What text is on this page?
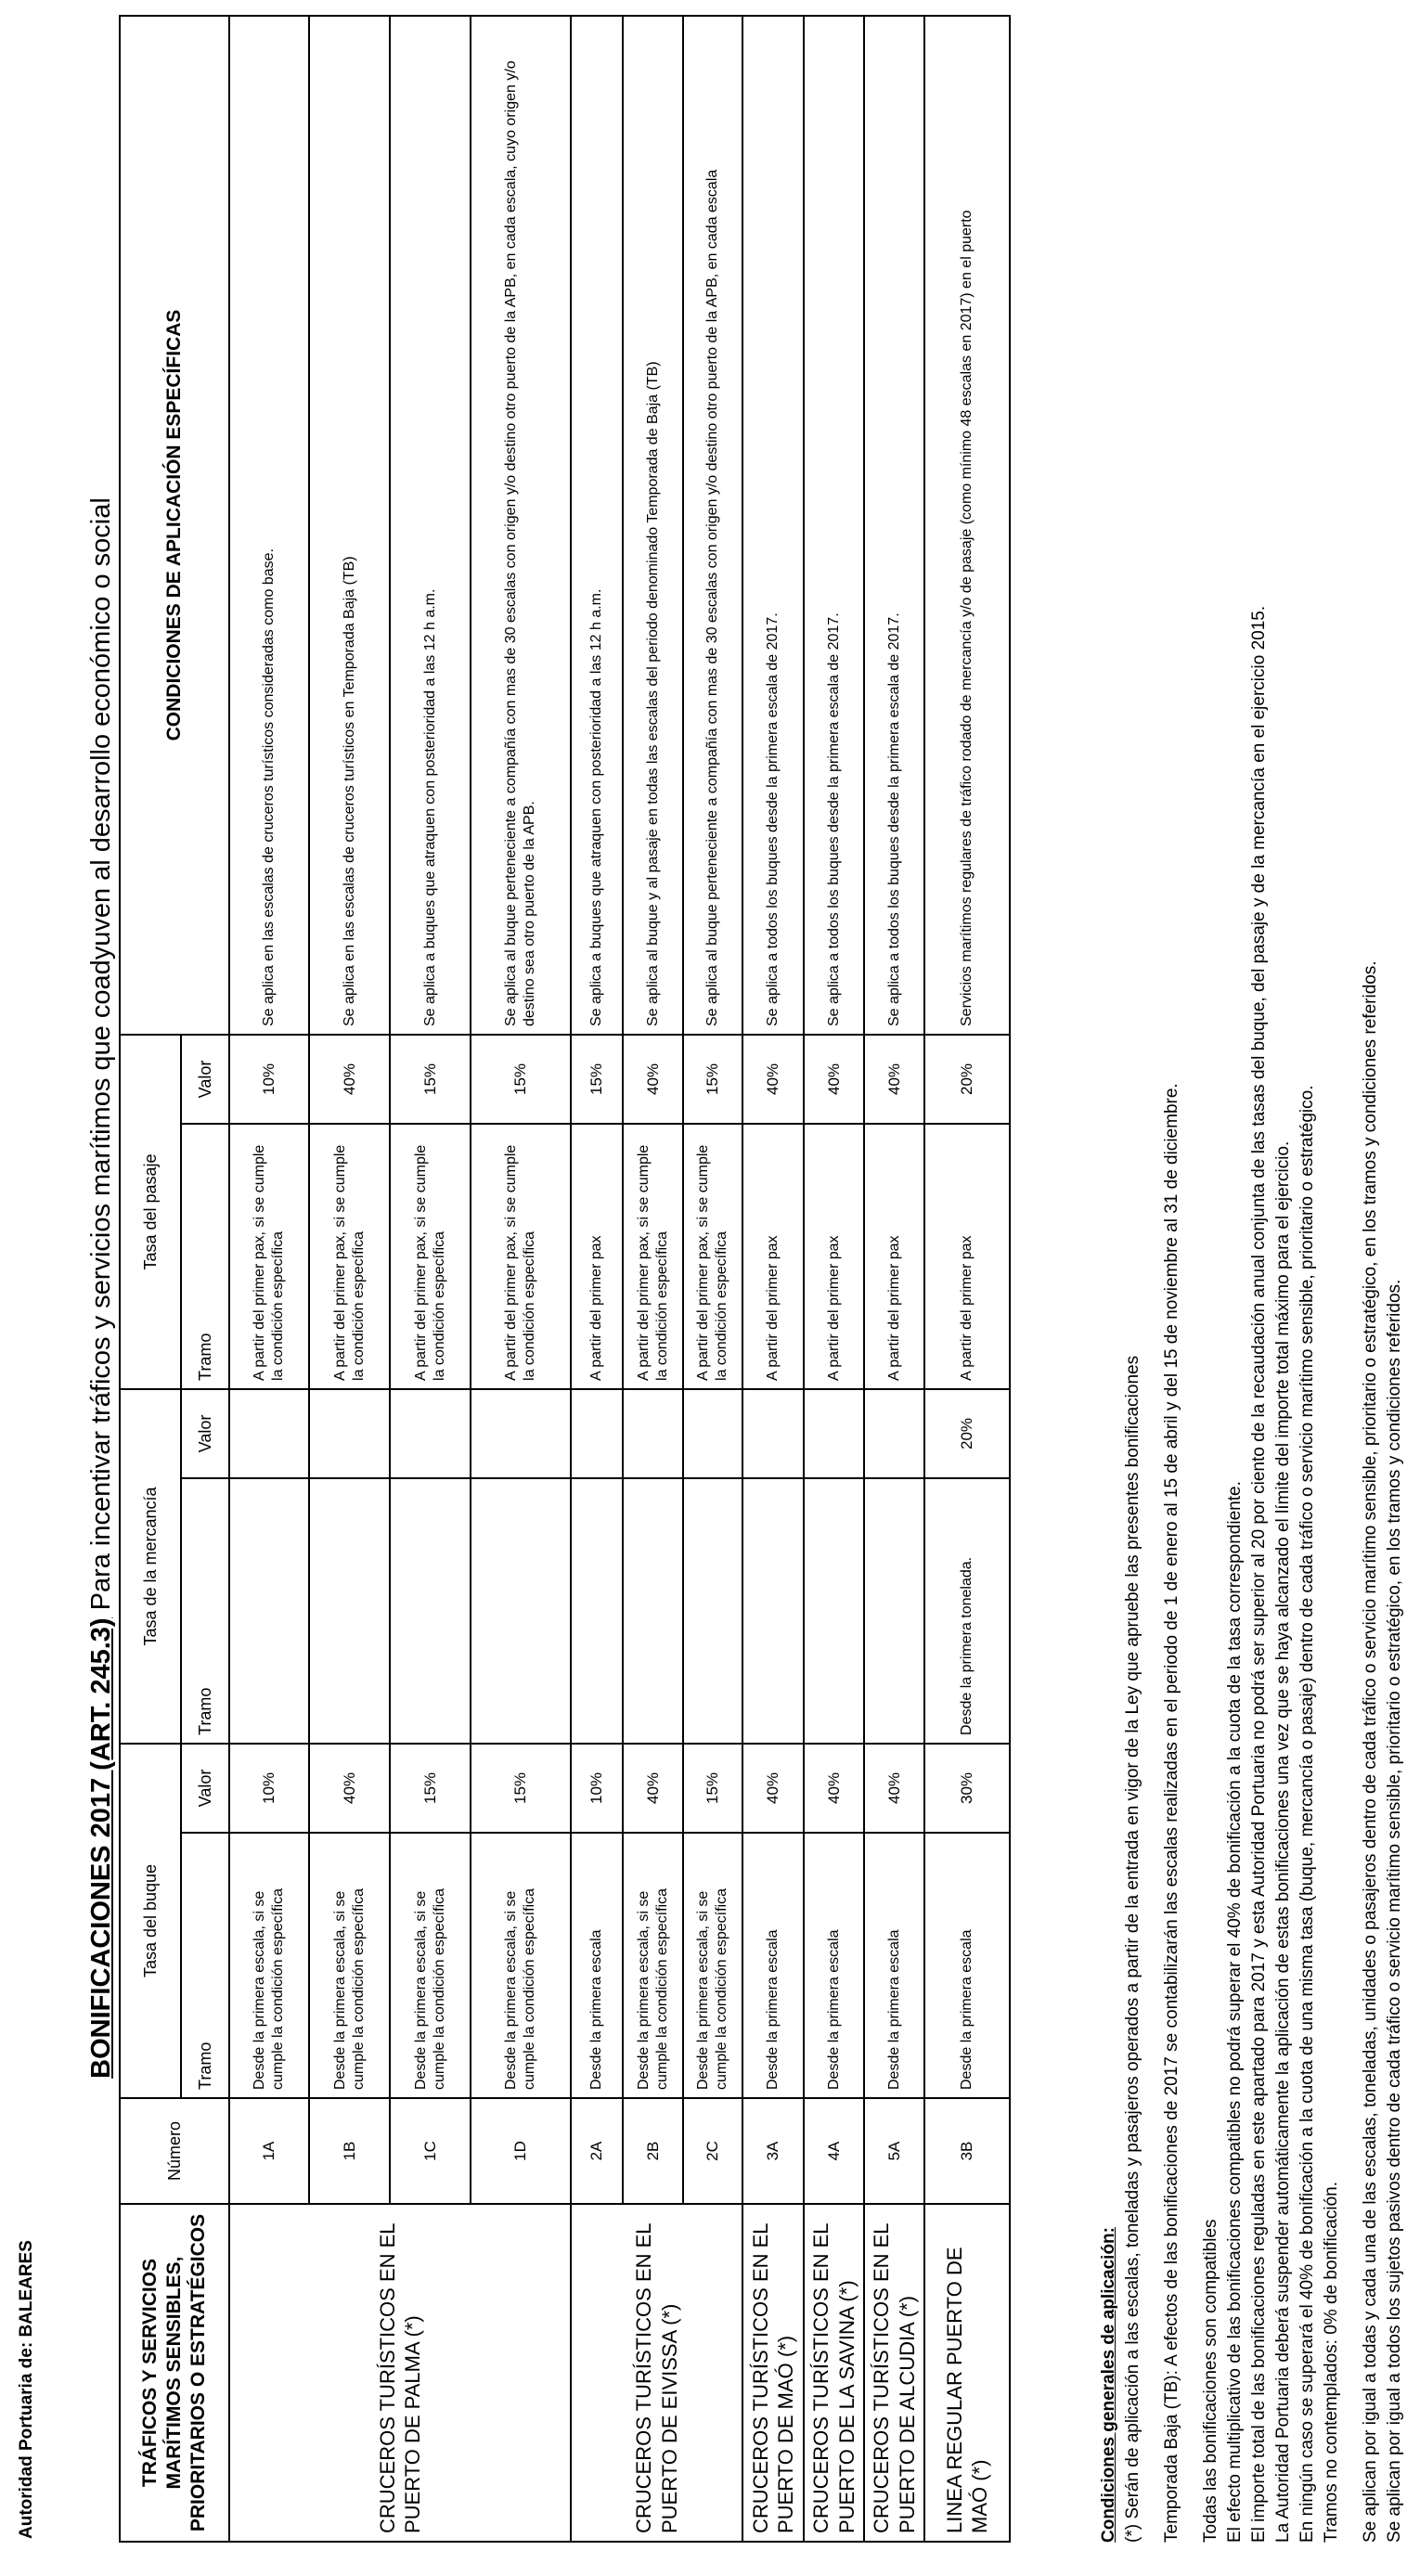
Autoridad Portuaria de: BALEARES
BONIFICACIONES 2017 (ART. 245.3) Para incentivar tráficos y servicios marítimos que coadyuven al desarrollo económico o social
TRÁFICOS Y SERVICIOS MARÍTIMOS SENSIBLES, PRIORITARIOS O ESTRATÉGICOS	Número	Tasa del buque		Tasa de la mercancía		Tasa del pasaje		CONDICIONES DE APLICACIÓN ESPECÍFICAS
		Tramo	Valor	Tramo	Valor	Tramo	Valor	
CRUCEROS TURÍSTICOS EN EL PUERTO DE PALMA (*)	1A	Desde la primera escala, si se cumple la condición específica	10%			A partir del primer pax, si se cumple la condición específica	10%	Se aplica en las escalas de cruceros turísticos consideradas como base.
	1B	Desde la primera escala, si se cumple la condición específica	40%			A partir del primer pax, si se cumple la condición específica	40%	Se aplica en las escalas de cruceros turísticos en Temporada Baja (TB)
	1C	Desde la primera escala, si se cumple la condición específica	15%			A partir del primer pax, si se cumple la condición específica	15%	Se aplica a buques que atraquen con posterioridad a las 12 h a.m.
	1D	Desde la primera escala, si se cumple la condición específica	15%			A partir del primer pax, si se cumple la condición específica	15%	Se aplica al buque perteneciente a compañía con mas de 30 escalas con origen y/o destino otro puerto de la APB, en cada escala, cuyo origen y/o destino sea otro puerto de la APB.
CRUCEROS TURÍSTICOS EN EL PUERTO DE EIVISSA (*)	2A	Desde la primera escala	10%			A partir del primer pax	15%	Se aplica a buques que atraquen con posterioridad a las 12 h a.m.
	2B	Desde la primera escala, si se cumple la condición específica	40%			A partir del primer pax, si se cumple la condición específica	40%	Se aplica al buque y al pasaje en todas las escalas del periodo denominado Temporada de Baja (TB)
	2C	Desde la primera escala, si se cumple la condición específica	15%			A partir del primer pax, si se cumple la condición específica	15%	Se aplica al buque perteneciente a compañía con mas de 30 escalas con origen y/o destino otro puerto de la APB, en cada escala
CRUCEROS TURÍSTICOS EN EL PUERTO DE MAÓ (*)	3A	Desde la primera escala	40%			A partir del primer pax	40%	Se aplica a todos los buques desde la primera escala de 2017.
CRUCEROS TURÍSTICOS EN EL PUERTO DE LA SAVINA (*)	4A	Desde la primera escala	40%			A partir del primer pax	40%	Se aplica a todos los buques desde la primera escala de 2017.
CRUCEROS TURÍSTICOS EN EL PUERTO DE ALCUDIA (*)	5A	Desde la primera escala	40%			A partir del primer pax	40%	Se aplica a todos los buques desde la primera escala de 2017.
LINEA REGULAR PUERTO DE MAÓ (*)	3B	Desde la primera escala	30%	Desde la primera tonelada.	20%	A partir del primer pax	20%	Servicios marítimos regulares de tráfico rodado de mercancía y/o de pasaje (como mínimo 48 escalas en 2017) en el puerto
Condiciones generales de aplicación: (*) Serán de aplicación a las escalas, toneladas y pasajeros operados a partir de la entrada en vigor de la Ley que apruebe las presentes bonificaciones Temporada Baja (TB): A efectos de las bonificaciones de 2017 se contabilizarán las escalas realizadas en el periodo de 1 de enero al 15 de abril y del 15 de noviembre al 31 de diciembre. Todas las bonificaciones son compatibles El efecto multiplicativo de las bonificaciones compatibles no podrá superar el 40% de bonificación a la cuota de la tasa correspondiente. El importe total de las bonificaciones reguladas en este apartado para 2017 y esta Autoridad Portuaria no podrá ser superior al 20 por ciento de la recaudación anual conjunta de las tasas del buque, del pasaje y de la mercancía en el ejercicio 2015. La Autoridad Portuaria deberá suspender automáticamente la aplicación de estas bonificaciones una vez que se haya alcanzado el límite del importe total máximo para el ejercicio. En ningún caso se superará el 40% de bonificación a la cuota de una misma tasa (buque, mercancía o pasaje) dentro de cada tráfico o servicio marítimo sensible, prioritario o estratégico. Tramos no contemplados: 0% de bonificación. Se aplican por igual a todas y cada una de las escalas, toneladas, unidades o pasajeros dentro de cada tráfico o servicio marítimo sensible, prioritario o estratégico, en los tramos y condiciones referidos. Se aplican por igual a todos los sujetos pasivos dentro de cada tráfico o servicio marítimo sensible, prioritario o estratégico, en los tramos y condiciones referidos.
